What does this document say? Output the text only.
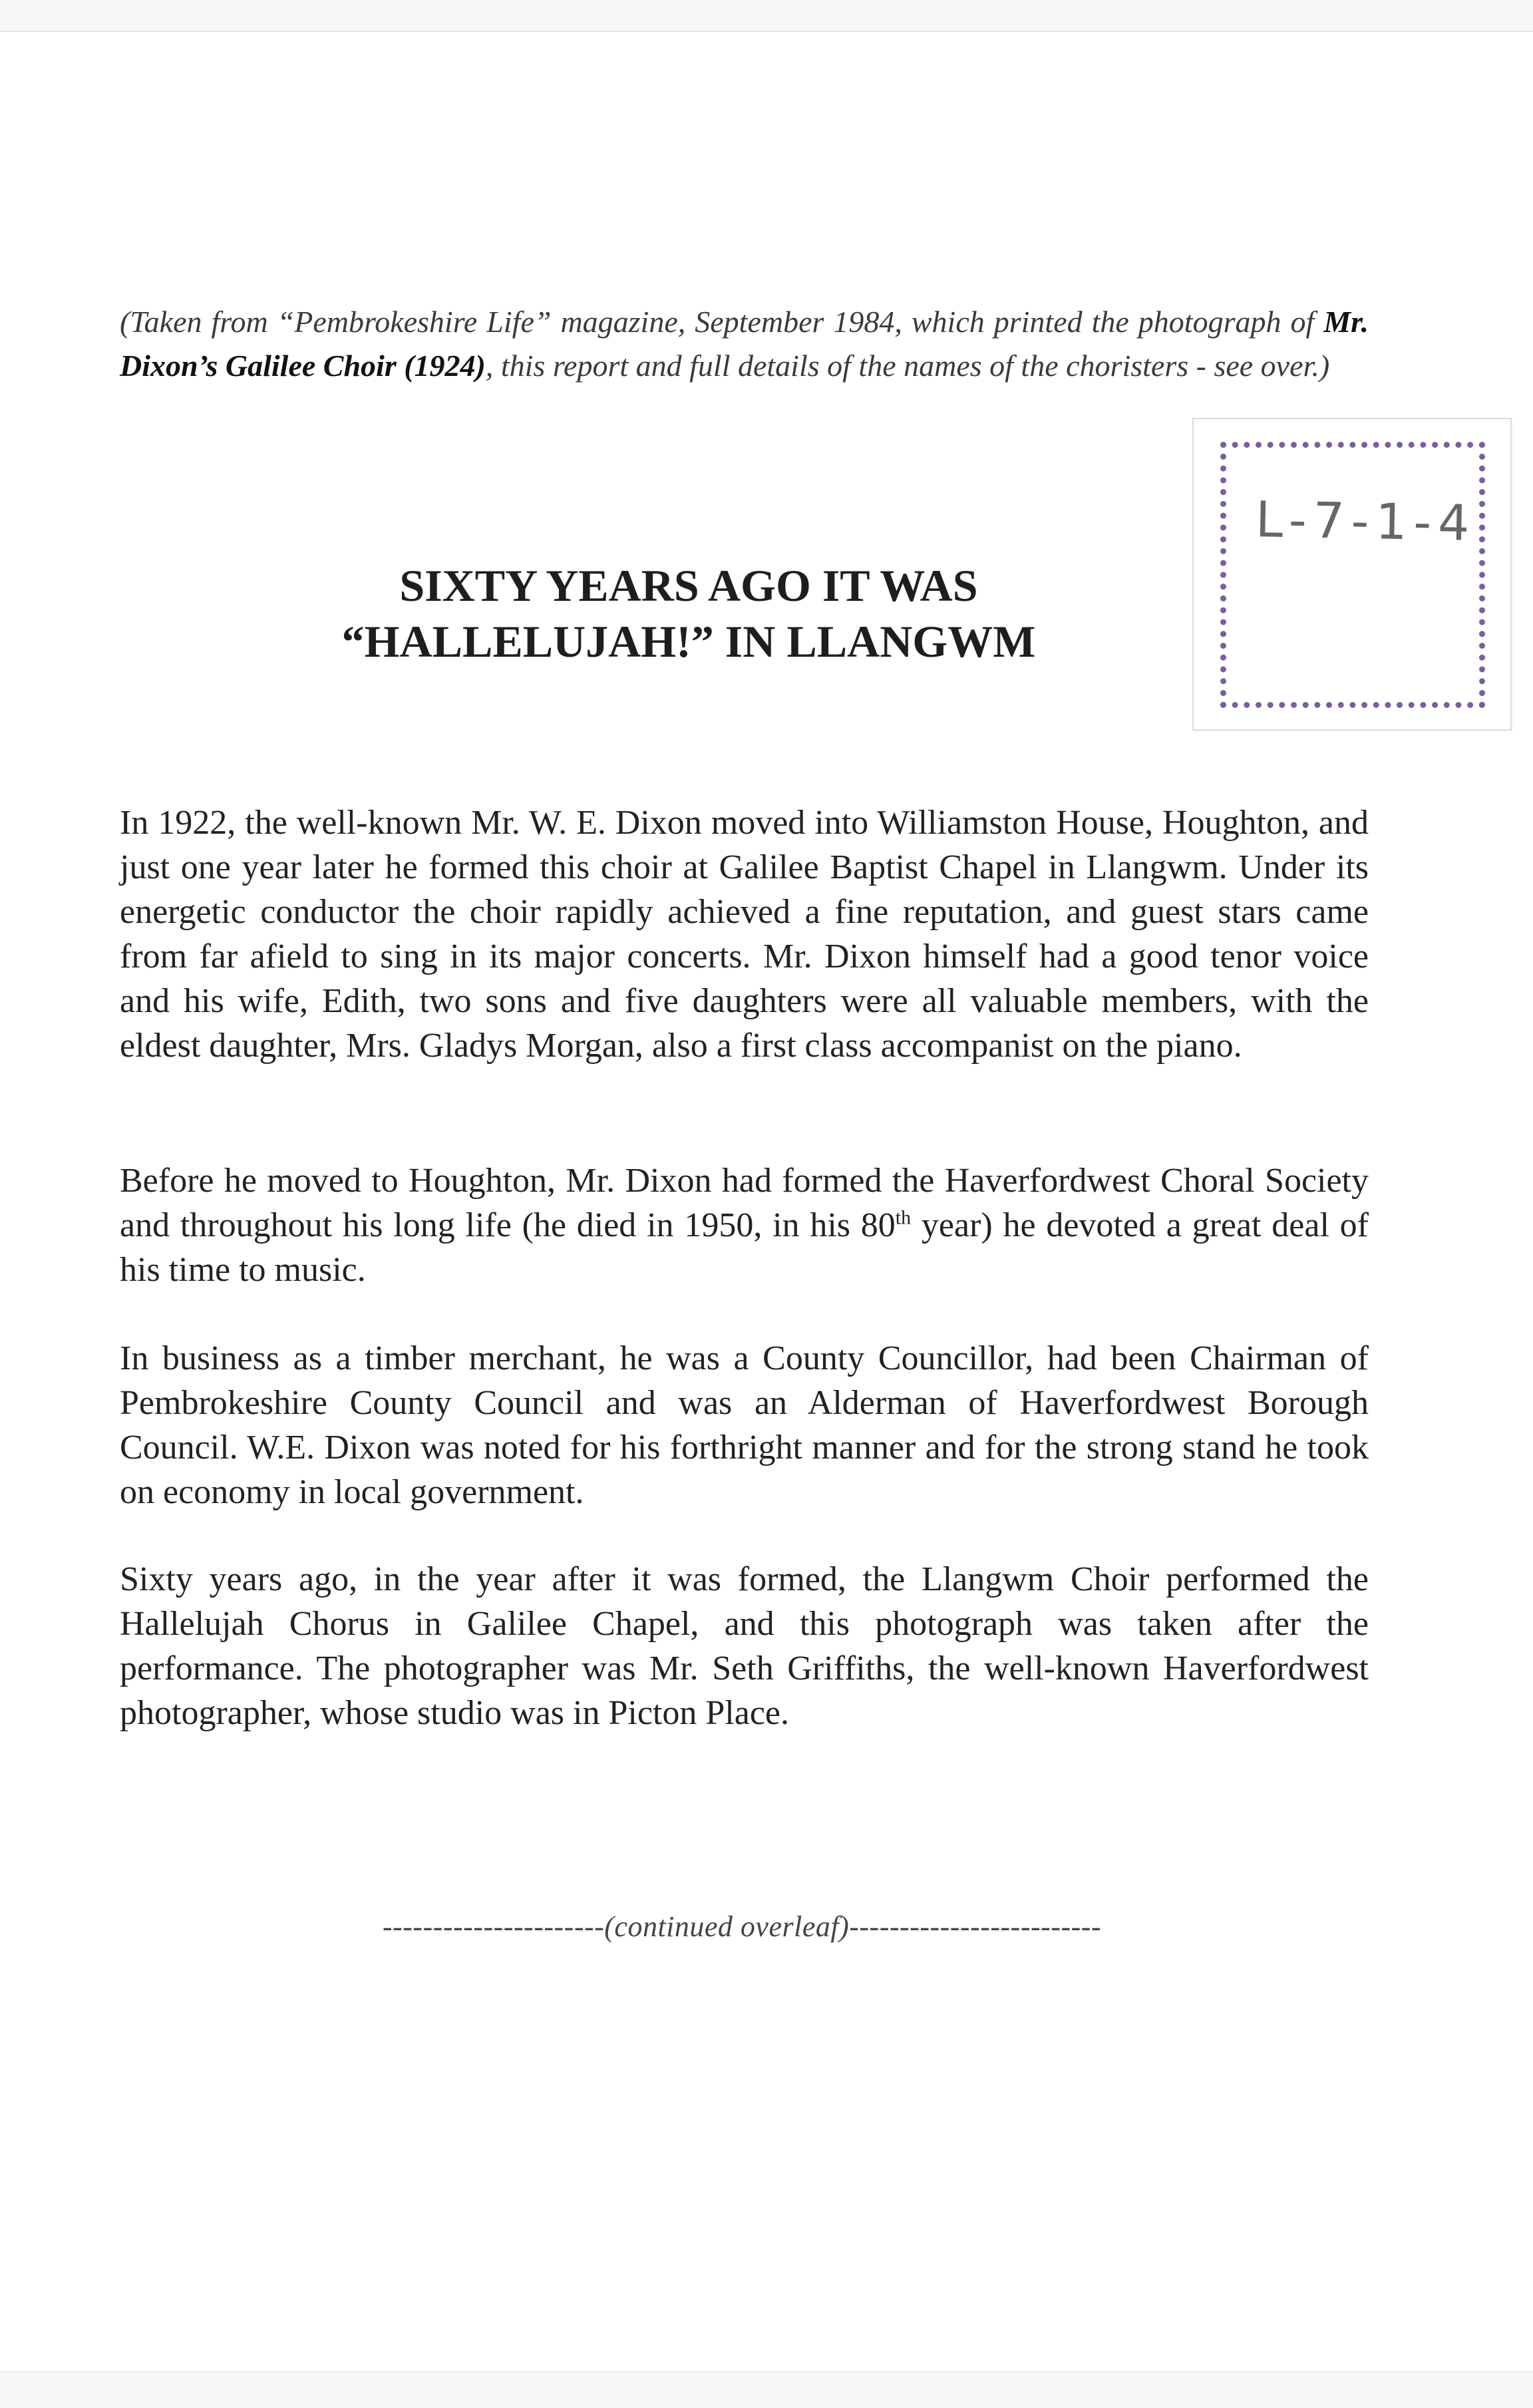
(Taken from “Pembrokeshire Life” magazine, September 1984, which printed the photograph of Mr. Dixon’s Galilee Choir (1924), this report and full details of the names of the choristers - see over.)

L-7-1-4
SIXTY YEARS AGO IT WAS
“HALLELUJAH!” IN LLANGWM

In 1922, the well-known Mr. W. E. Dixon moved into Williamston House, Houghton, and just one year later he formed this choir at Galilee Baptist Chapel in Llangwm. Under its energetic conductor the choir rapidly achieved a fine reputation, and guest stars came from far afield to sing in its major concerts. Mr. Dixon himself had a good tenor voice and his wife, Edith, two sons and five daughters were all valuable members, with the eldest daughter, Mrs. Gladys Morgan, also a first class accompanist on the piano.

Before he moved to Houghton, Mr. Dixon had formed the Haverfordwest Choral Society and throughout his long life (he died in 1950, in his 80th year) he devoted a great deal of his time to music.

In business as a timber merchant, he was a County Councillor, had been Chairman of Pembrokeshire County Council and was an Alderman of Haverfordwest Borough Council. W.E. Dixon was noted for his forthright manner and for the strong stand he took on economy in local government.

Sixty years ago, in the year after it was formed, the Llangwm Choir performed the Hallelujah Chorus in Galilee Chapel, and this photograph was taken after the performance. The photographer was Mr. Seth Griffiths, the well-known Haverfordwest photographer, whose studio was in Picton Place.

----------------------(continued overleaf)-------------------------
